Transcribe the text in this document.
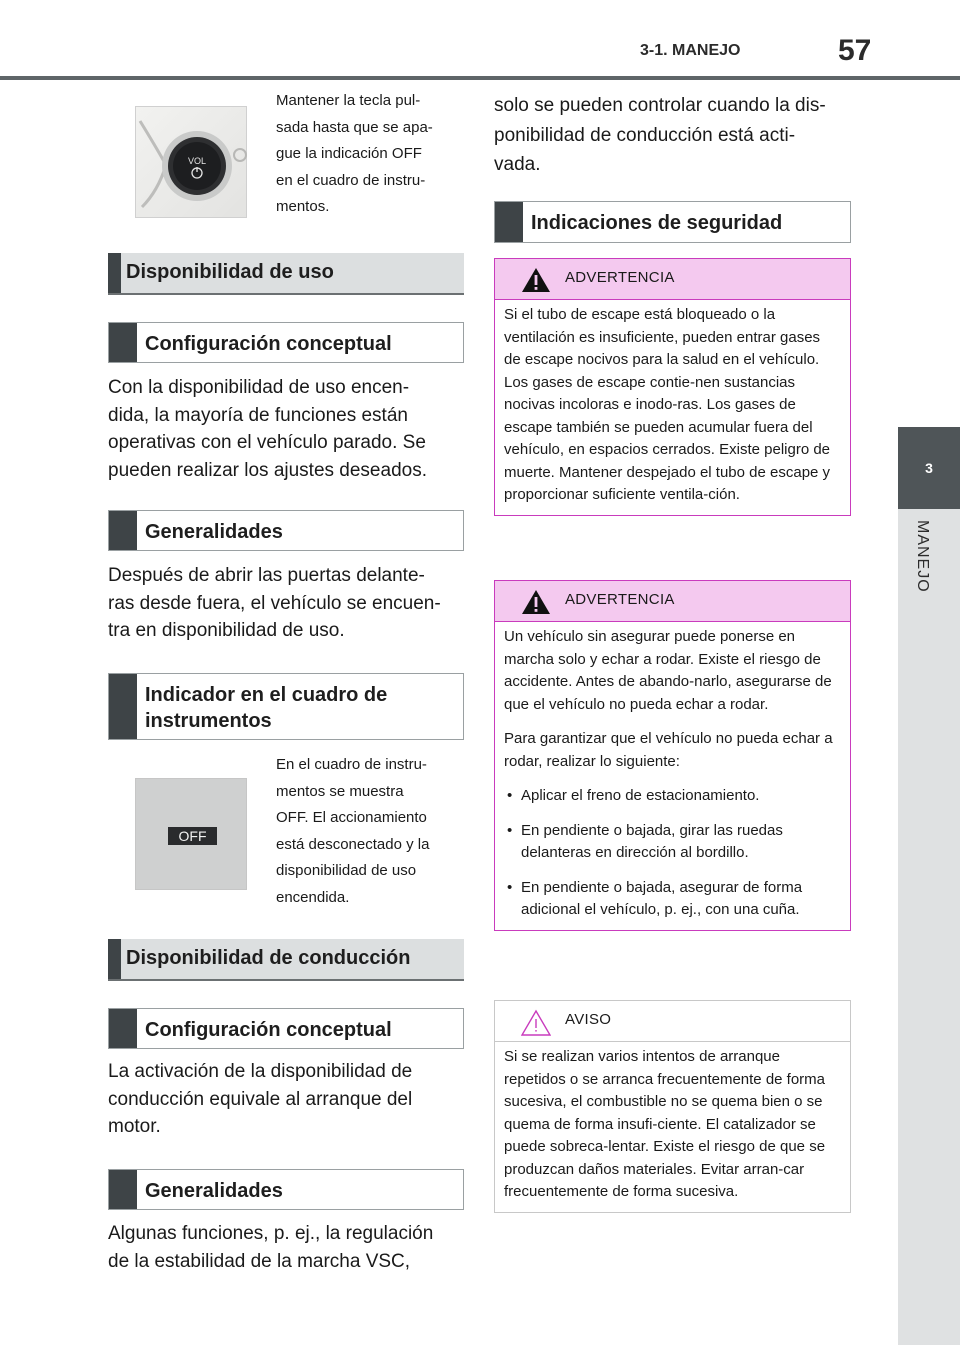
3-1. MANEJO	57
3
MANEJO
VOL
Mantener la tecla pul-
sada hasta que se apa-
gue la indicación OFF
en el cuadro de instru-
mentos.
Disponibilidad de uso
Configuración conceptual
Con la disponibilidad de uso encen-
dida, la mayoría de funciones están
operativas con el vehículo parado. Se
pueden realizar los ajustes deseados.
Generalidades
Después de abrir las puertas delante-
ras desde fuera, el vehículo se encuen-
tra en disponibilidad de uso.
Indicador en el cuadro de
instrumentos
OFF
En el cuadro de instru-
mentos se muestra
OFF. El accionamiento
está desconectado y la
disponibilidad de uso
encendida.
Disponibilidad de conducción
Configuración conceptual
La activación de la disponibilidad de
conducción equivale al arranque del
motor.
Generalidades
Algunas funciones, p. ej., la regulación
de la estabilidad de la marcha VSC,
solo se pueden controlar cuando la dis-
ponibilidad de conducción está acti-
vada.
Indicaciones de seguridad
ADVERTENCIA

Si el tubo de escape está bloqueado o la ventilación es insuficiente, pueden entrar gases de escape nocivos para la salud en el vehículo. Los gases de escape contie-nen sustancias nocivas incoloras e inodo-ras. Los gases de escape también se pueden acumular fuera del vehículo, en espacios cerrados. Existe peligro de muerte. Mantener despejado el tubo de escape y proporcionar suficiente ventila-ción.

ADVERTENCIA

Un vehículo sin asegurar puede ponerse en marcha solo y echar a rodar. Existe el riesgo de accidente. Antes de abando-narlo, asegurarse de que el vehículo no pueda echar a rodar.

Para garantizar que el vehículo no pueda echar a rodar, realizar lo siguiente:

• Aplicar el freno de estacionamiento.

• En pendiente o bajada, girar las ruedas delanteras en dirección al bordillo.

• En pendiente o bajada, asegurar de forma adicional el vehículo, p. ej., con una cuña.

AVISO

Si se realizan varios intentos de arranque repetidos o se arranca frecuentemente de forma sucesiva, el combustible no se quema bien o se quema de forma insufi-ciente. El catalizador se puede sobreca-lentar. Existe el riesgo de que se produzcan daños materiales. Evitar arran-car frecuentemente de forma sucesiva.
